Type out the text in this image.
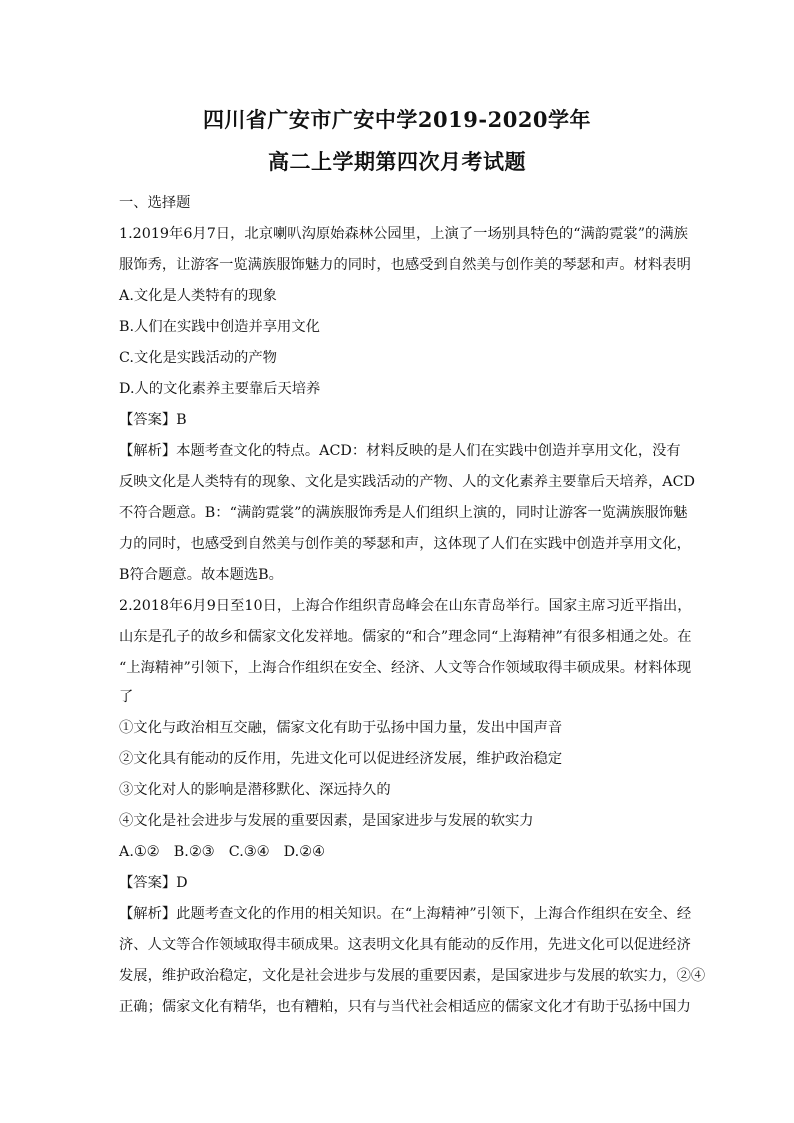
四川省广安市广安中学2019-2020学年
高二上学期第四次月考试题
一、选择题
1.2019年6月7日，北京喇叭沟原始森林公园里，上演了一场别具特色的“满韵霓裳”的满族
服饰秀，让游客一览满族服饰魅力的同时，也感受到自然美与创作美的琴瑟和声。材料表明
A.文化是人类特有的现象
B.人们在实践中创造并享用文化
C.文化是实践活动的产物
D.人的文化素养主要靠后天培养
【答案】B
【解析】本题考查文化的特点。ACD：材料反映的是人们在实践中创造并享用文化，没有
反映文化是人类特有的现象、文化是实践活动的产物、人的文化素养主要靠后天培养，ACD
不符合题意。B：“满韵霓裳”的满族服饰秀是人们组织上演的，同时让游客一览满族服饰魅
力的同时，也感受到自然美与创作美的琴瑟和声，这体现了人们在实践中创造并享用文化，
B符合题意。故本题选B。
2.2018年6月9日至10日，上海合作组织青岛峰会在山东青岛举行。国家主席习近平指出，
山东是孔子的故乡和儒家文化发祥地。儒家的“和合”理念同“上海精神”有很多相通之处。在
“上海精神”引领下，上海合作组织在安全、经济、人文等合作领域取得丰硕成果。材料体现
了
①文化与政治相互交融，儒家文化有助于弘扬中国力量，发出中国声音
②文化具有能动的反作用，先进文化可以促进经济发展，维护政治稳定
③文化对人的影响是潜移默化、深远持久的
④文化是社会进步与发展的重要因素，是国家进步与发展的软实力
A.①②　B.②③　C.③④　D.②④
【答案】D
【解析】此题考查文化的作用的相关知识。在“上海精神”引领下，上海合作组织在安全、经
济、人文等合作领域取得丰硕成果。这表明文化具有能动的反作用，先进文化可以促进经济
发展，维护政治稳定，文化是社会进步与发展的重要因素，是国家进步与发展的软实力，②④
正确；儒家文化有精华，也有糟粕，只有与当代社会相适应的儒家文化才有助于弘扬中国力
